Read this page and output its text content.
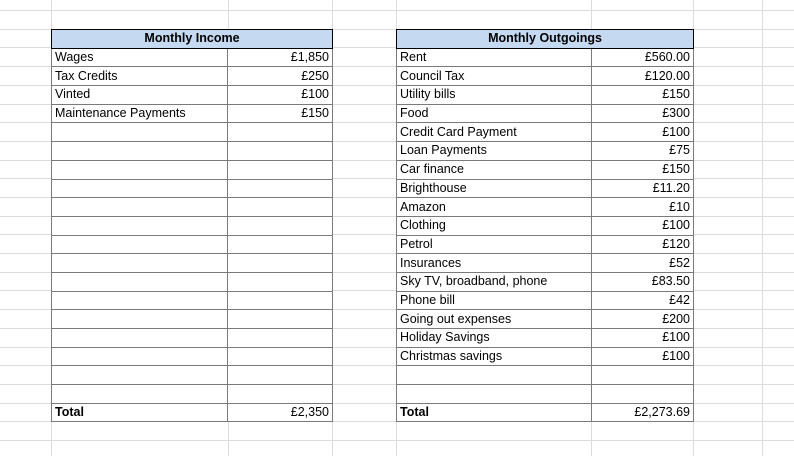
Monthly Income	
Wages	£1,850
Tax Credits	£250
Vinted	£100
Maintenance Payments	£150

Total	£2,350
Monthly Outgoings	
Rent	£560.00
Council Tax	£120.00
Utility bills	£150
Food	£300
Credit Card Payment	£100
Loan Payments	£75
Car finance	£150
Brighthouse	£11.20
Amazon	£10
Clothing	£100
Petrol	£120
Insurances	£52
Sky TV, broadband, phone	£83.50
Phone bill	£42
Going out expenses	£200
Holiday Savings	£100
Christmas savings	£100

Total	£2,273.69
